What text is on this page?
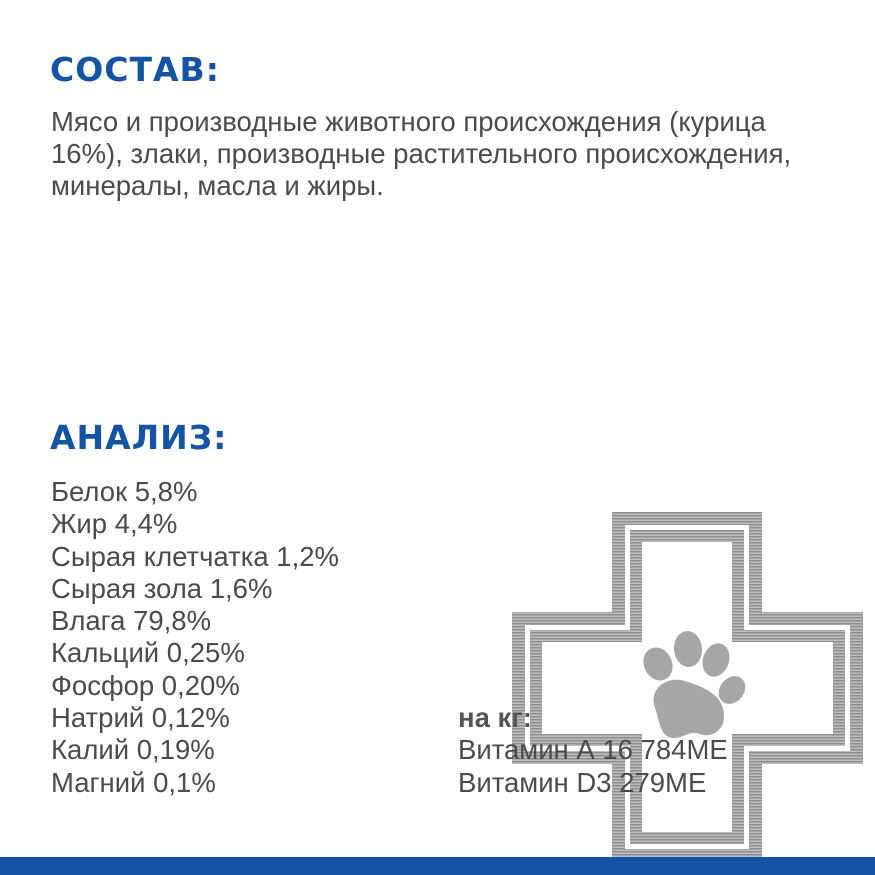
СОСТАВ:

Мясо и производные животного происхождения (курица 16%), злаки, производные растительного происхождения, минералы, масла и жиры.

АНАЛИЗ:
Белок 5,8%
Жир 4,4%
Сырая клетчатка 1,2%
Сырая зола 1,6%
Влага 79,8%
Кальций 0,25%
Фосфор 0,20%
Натрий 0,12%
Калий 0,19%
Магний 0,1%
на кг:
Витамин А 16 784МЕ
Витамин D3 279МЕ
